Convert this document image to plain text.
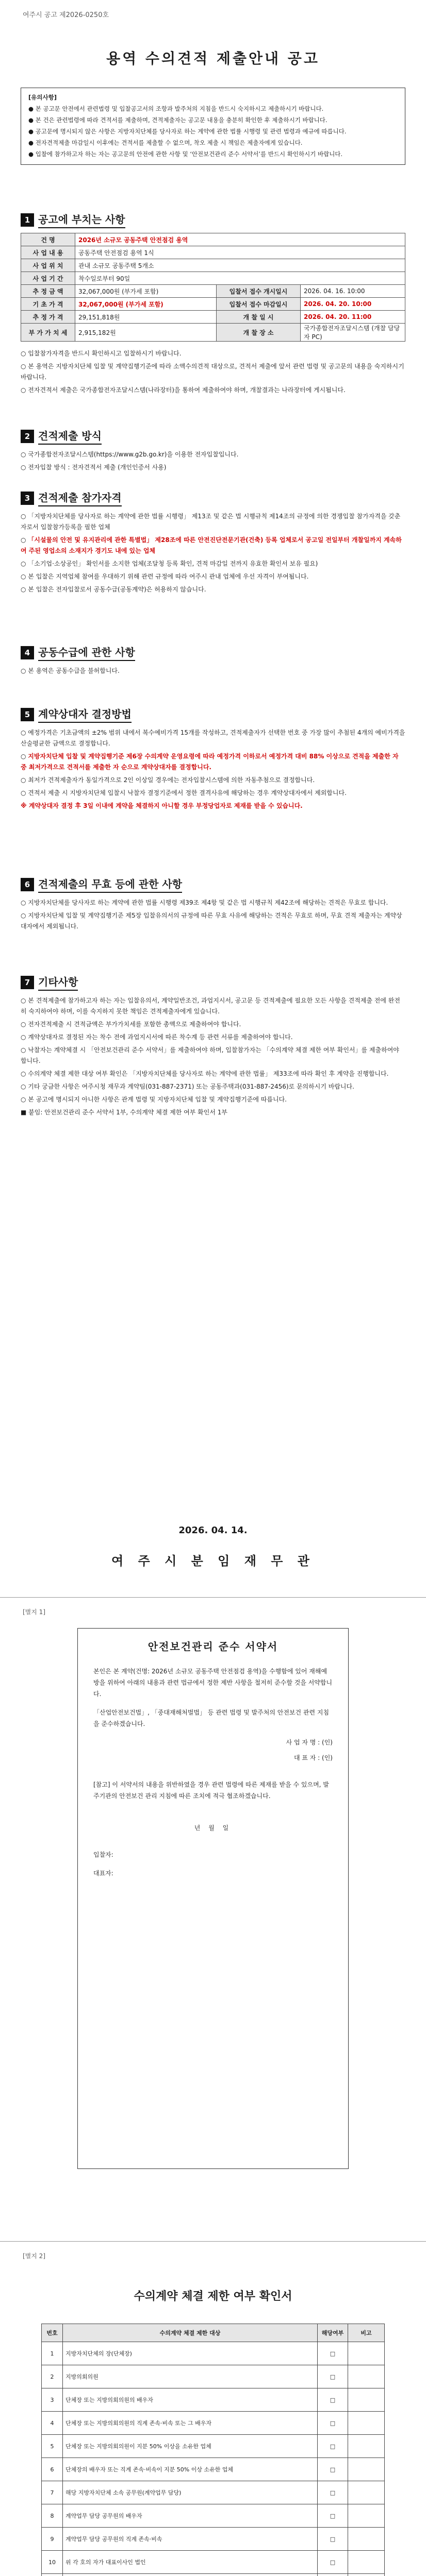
여주시 공고 제2026-0250호
용역 수의견적 제출안내 공고
[유의사항]

● 본 공고문 안전에서 관련법령 및 입찰공고서의 조항과 발주처의 지침을 반드시 숙지하시고 제출하시기 바랍니다.

● 본 건은 관련법령에 따라 견적서를 제출하며, 견적제출자는 공고문 내용을 충분히 확인한 후 제출하시기 바랍니다.

● 공고문에 명시되지 않은 사항은 지방자치단체를 당사자로 하는 계약에 관한 법률 시행령 및 관련 법령과 예규에 따릅니다.

● 전자견적제출 마감일시 이후에는 견적서를 제출할 수 없으며, 착오 제출 시 책임은 제출자에게 있습니다.

● 입찰에 참가하고자 하는 자는 공고문의 안전에 관한 사항 및 ‘안전보건관리 준수 서약서’를 반드시 확인하시기 바랍니다.

1 공고에 부치는 사항
건 명	2026년 소규모 공동주택 안전점검 용역		
사 업 내 용	공동주택 안전점검 용역 1식		
사 업 위 치	관내 소규모 공동주택 5개소		
사 업 기 간	착수일로부터 90일		
추 정 금 액	32,067,000원 (부가세 포함)	입찰서 접수 개시일시	2026. 04. 16. 10:00
기 초 가 격	32,067,000원 (부가세 포함)	입찰서 접수 마감일시	2026. 04. 20. 10:00
추 정 가 격	29,151,818원	개 찰 일 시	2026. 04. 20. 11:00
부 가 가 치 세	2,915,182원	개 찰 장 소	국가종합전자조달시스템 (개찰 담당자 PC)

○ 입찰참가자격을 반드시 확인하시고 입찰하시기 바랍니다.

○ 본 용역은 지방자치단체 입찰 및 계약집행기준에 따라 소액수의견적 대상으로, 견적서 제출에 앞서 관련 법령 및 공고문의 내용을 숙지하시기 바랍니다.

○ 전자견적서 제출은 국가종합전자조달시스템(나라장터)을 통하여 제출하여야 하며, 개찰결과는 나라장터에 게시됩니다.

2 견적제출 방식

○ 국가종합전자조달시스템(https://www.g2b.go.kr)을 이용한 전자입찰입니다.

○ 전자입찰 방식 : 전자견적서 제출 (개인인증서 사용)

3 견적제출 참가자격

○ 「지방자치단체를 당사자로 하는 계약에 관한 법률 시행령」 제13조 및 같은 법 시행규칙 제14조의 규정에 의한 경쟁입찰 참가자격을 갖춘 자로서 입찰참가등록을 필한 업체

○ 「시설물의 안전 및 유지관리에 관한 특별법」 제28조에 따른 안전진단전문기관(건축) 등록 업체로서 공고일 전일부터 개찰일까지 계속하여 주된 영업소의 소재지가 경기도 내에 있는 업체

○ 「소기업·소상공인」 확인서를 소지한 업체(조달청 등록 확인, 견적 마감일 전까지 유효한 확인서 보유 필요)

○ 본 입찰은 지역업체 참여를 우대하기 위해 관련 규정에 따라 여주시 관내 업체에 우선 자격이 부여됩니다.

○ 본 입찰은 전자입찰로서 공동수급(공동계약)은 허용하지 않습니다.

4 공동수급에 관한 사항

○ 본 용역은 공동수급을 불허합니다.

5 계약상대자 결정방법

○ 예정가격은 기초금액의 ±2% 범위 내에서 복수예비가격 15개를 작성하고, 견적제출자가 선택한 번호 중 가장 많이 추첨된 4개의 예비가격을 산술평균한 금액으로 결정합니다.

○ 지방자치단체 입찰 및 계약집행기준 제6장 수의계약 운영요령에 따라 예정가격 이하로서 예정가격 대비 88% 이상으로 견적을 제출한 자 중 최저가격으로 견적서를 제출한 자 순으로 계약상대자를 결정합니다.

○ 최저가 견적제출자가 동일가격으로 2인 이상일 경우에는 전자입찰시스템에 의한 자동추첨으로 결정합니다.

○ 견적서 제출 시 지방자치단체 입찰시 낙찰자 결정기준에서 정한 결격사유에 해당하는 경우 계약상대자에서 제외합니다.

※ 계약상대자 결정 후 3일 이내에 계약을 체결하지 아니할 경우 부정당업자로 제재를 받을 수 있습니다.

6 견적제출의 무효 등에 관한 사항

○ 지방자치단체를 당사자로 하는 계약에 관한 법률 시행령 제39조 제4항 및 같은 법 시행규칙 제42조에 해당하는 견적은 무효로 합니다.

○ 지방자치단체 입찰 및 계약집행기준 제5장 입찰유의서의 규정에 따른 무효 사유에 해당하는 견적은 무효로 하며, 무효 견적 제출자는 계약상대자에서 제외됩니다.

7 기타사항

○ 본 견적제출에 참가하고자 하는 자는 입찰유의서, 계약일반조건, 과업지시서, 공고문 등 견적제출에 필요한 모든 사항을 견적제출 전에 완전히 숙지하여야 하며, 이를 숙지하지 못한 책임은 견적제출자에게 있습니다.

○ 전자견적제출 시 견적금액은 부가가치세를 포함한 총액으로 제출하여야 합니다.

○ 계약상대자로 결정된 자는 착수 전에 과업지시서에 따른 착수계 등 관련 서류를 제출하여야 합니다.

○ 낙찰자는 계약체결 시 「안전보건관리 준수 서약서」를 제출하여야 하며, 입찰참가자는 「수의계약 체결 제한 여부 확인서」를 제출하여야 합니다.

○ 수의계약 체결 제한 대상 여부 확인은 「지방자치단체를 당사자로 하는 계약에 관한 법률」 제33조에 따라 확인 후 계약을 진행합니다.

○ 기타 궁금한 사항은 여주시청 재무과 계약팀(031-887-2371) 또는 공동주택과(031-887-2456)로 문의하시기 바랍니다.

○ 본 공고에 명시되지 아니한 사항은 관계 법령 및 지방자치단체 입찰 및 계약집행기준에 따릅니다.

■ 붙임: 안전보건관리 준수 서약서 1부, 수의계약 체결 제한 여부 확인서 1부

2026. 04. 14.
여 주 시 분 임 재 무 관
[별지 1]
안전보건관리 준수 서약서

본인은 본 계약(건명: 2026년 소규모 공동주택 안전점검 용역)을 수행함에 있어 재해예방을 위하여 아래의 내용과 관련 법규에서 정한 제반 사항을 철저히 준수할 것을 서약합니다.

「산업안전보건법」, 「중대재해처벌법」 등 관련 법령 및 발주처의 안전보건 관련 지침을 준수하겠습니다.

사 업 자 명 : (인)
대 표 자 : (인)

[참고] 이 서약서의 내용을 위반하였을 경우 관련 법령에 따른 제재를 받을 수 있으며, 발주기관의 안전보건 관리 지침에 따른 조치에 적극 협조하겠습니다.

년 월 일

입찰자:

대표자:

[별지 2]
수의계약 체결 제한 여부 확인서
번호	수의계약 체결 제한 대상	해당여부	비고
1	지방자치단체의 장(단체장)	□	
2	지방의회의원	□	
3	단체장 또는 지방의회의원의 배우자	□	
4	단체장 또는 지방의회의원의 직계 존속·비속 또는 그 배우자	□	
5	단체장 또는 지방의회의원이 지분 50% 이상을 소유한 업체	□	
6	단체장의 배우자 또는 직계 존속·비속이 지분 50% 이상 소유한 업체	□	
7	해당 지방자치단체 소속 공무원(계약업무 담당)	□	
8	계약업무 담당 공무원의 배우자	□	
9	계약업무 담당 공무원의 직계 존속·비속	□	
10	위 각 호의 자가 대표이사인 법인	□	
